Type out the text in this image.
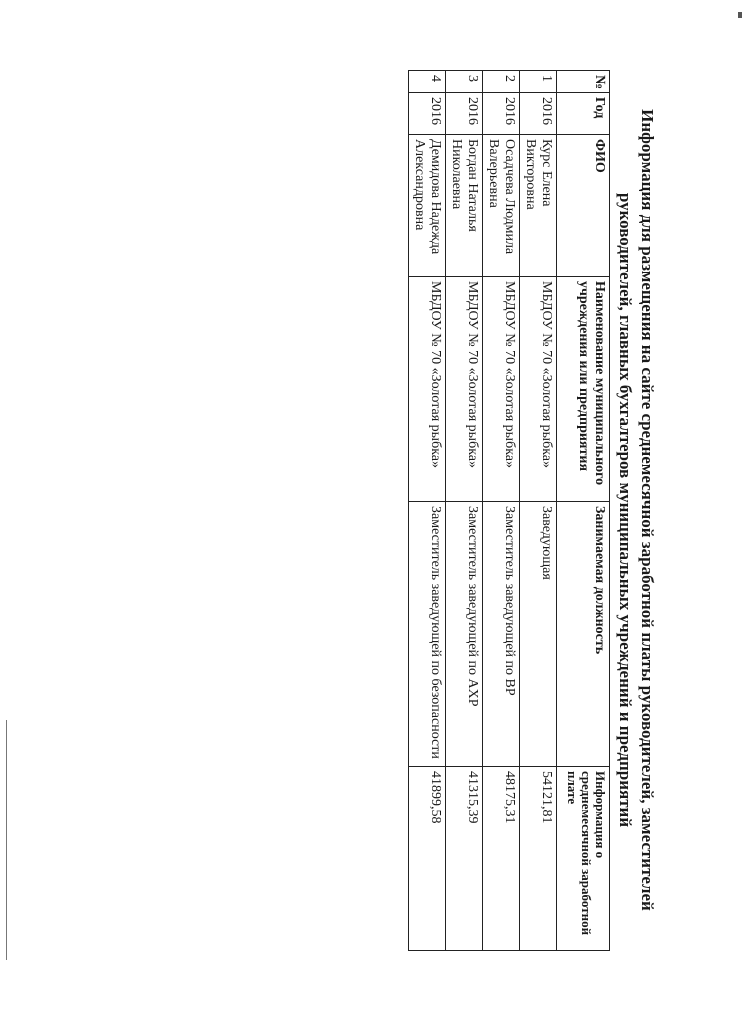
Информация для размещения на сайте среднемесячной заработной платы руководителей, заместителей
руководителей, главных бухгалтеров муниципальных учреждений и предприятий
№	Год	ФИО	Наименование муниципального учреждения или предприятия	Занимаемая должность	Информация о среднемесячной заработной плате
1	2016	Курс Елена Викторовна	МБДОУ № 70 «Золотая рыбка»	Заведующая	54121,81
2	2016	Осадчева Людмила Валерьевна	МБДОУ № 70 «Золотая рыбка»	Заместитель заведующей по ВР	48175,31
3	2016	Богдан Наталья Николаевна	МБДОУ № 70 «Золотая рыбка»	Заместитель заведующей по АХР	41315,39
4	2016	Демидова Надежда Александровна	МБДОУ № 70 «Золотая рыбка»	Заместитель заведующей по безопасности	41899,58
